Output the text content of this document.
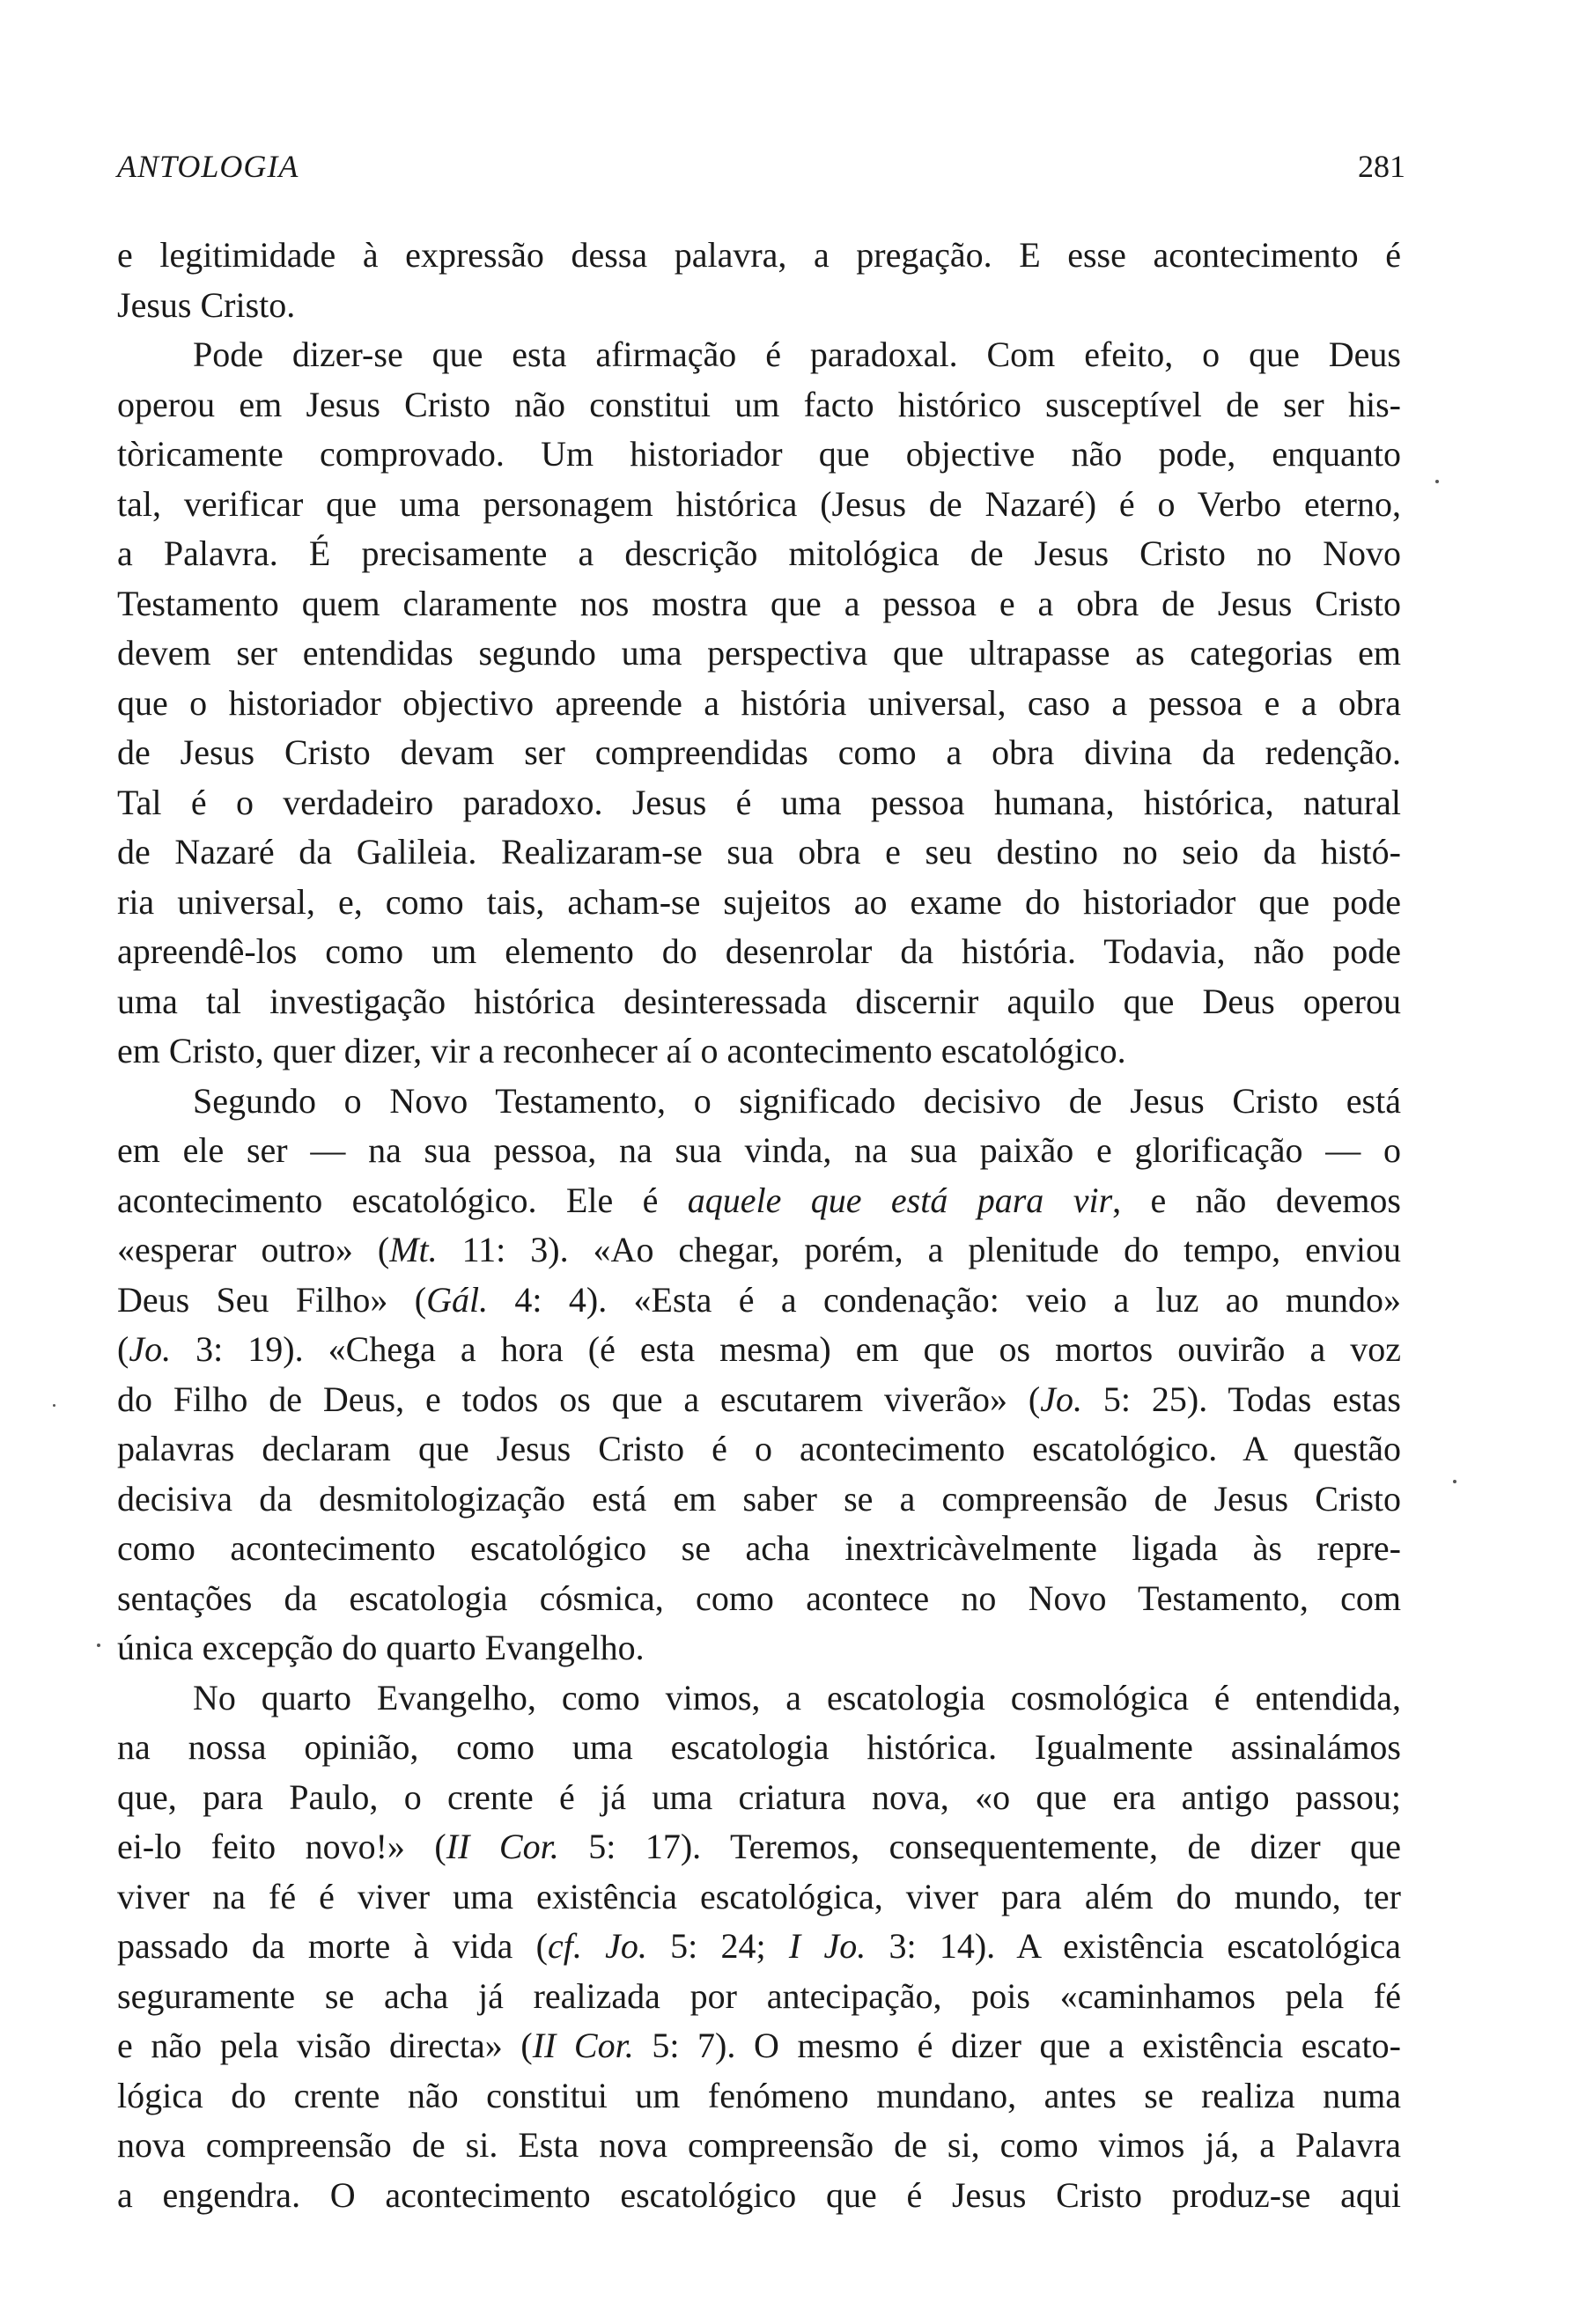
ANTOLOGIA	281
e legitimidade à expressão dessa palavra, a pregação. E esse acontecimento é
Jesus Cristo.
Pode dizer-se que esta afirmação é paradoxal. Com efeito, o que Deus
operou em Jesus Cristo não constitui um facto histórico susceptível de ser his-
tòricamente comprovado. Um historiador que objective não pode, enquanto
tal, verificar que uma personagem histórica (Jesus de Nazaré) é o Verbo eterno,
a Palavra. É precisamente a descrição mitológica de Jesus Cristo no Novo
Testamento quem claramente nos mostra que a pessoa e a obra de Jesus Cristo
devem ser entendidas segundo uma perspectiva que ultrapasse as categorias em
que o historiador objectivo apreende a história universal, caso a pessoa e a obra
de Jesus Cristo devam ser compreendidas como a obra divina da redenção.
Tal é o verdadeiro paradoxo. Jesus é uma pessoa humana, histórica, natural
de Nazaré da Galileia. Realizaram-se sua obra e seu destino no seio da histó-
ria universal, e, como tais, acham-se sujeitos ao exame do historiador que pode
apreendê-los como um elemento do desenrolar da história. Todavia, não pode
uma tal investigação histórica desinteressada discernir aquilo que Deus operou
em Cristo, quer dizer, vir a reconhecer aí o acontecimento escatológico.
Segundo o Novo Testamento, o significado decisivo de Jesus Cristo está
em ele ser — na sua pessoa, na sua vinda, na sua paixão e glorificação — o
acontecimento escatológico. Ele é aquele que está para vir, e não devemos
«esperar outro» (Mt. 11: 3). «Ao chegar, porém, a plenitude do tempo, enviou
Deus Seu Filho» (Gál. 4: 4). «Esta é a condenação: veio a luz ao mundo»
(Jo. 3: 19). «Chega a hora (é esta mesma) em que os mortos ouvirão a voz
do Filho de Deus, e todos os que a escutarem viverão» (Jo. 5: 25). Todas estas
palavras declaram que Jesus Cristo é o acontecimento escatológico. A questão
decisiva da desmitologização está em saber se a compreensão de Jesus Cristo
como acontecimento escatológico se acha inextricàvelmente ligada às repre-
sentações da escatologia cósmica, como acontece no Novo Testamento, com
única excepção do quarto Evangelho.
No quarto Evangelho, como vimos, a escatologia cosmológica é entendida,
na nossa opinião, como uma escatologia histórica. Igualmente assinalámos
que, para Paulo, o crente é já uma criatura nova, «o que era antigo passou;
ei-lo feito novo!» (II Cor. 5: 17). Teremos, consequentemente, de dizer que
viver na fé é viver uma existência escatológica, viver para além do mundo, ter
passado da morte à vida (cf. Jo. 5: 24; I Jo. 3: 14). A existência escatológica
seguramente se acha já realizada por antecipação, pois «caminhamos pela fé
e não pela visão directa» (II Cor. 5: 7). O mesmo é dizer que a existência escato-
lógica do crente não constitui um fenómeno mundano, antes se realiza numa
nova compreensão de si. Esta nova compreensão de si, como vimos já, a Palavra
a engendra. O acontecimento escatológico que é Jesus Cristo produz-se aqui
